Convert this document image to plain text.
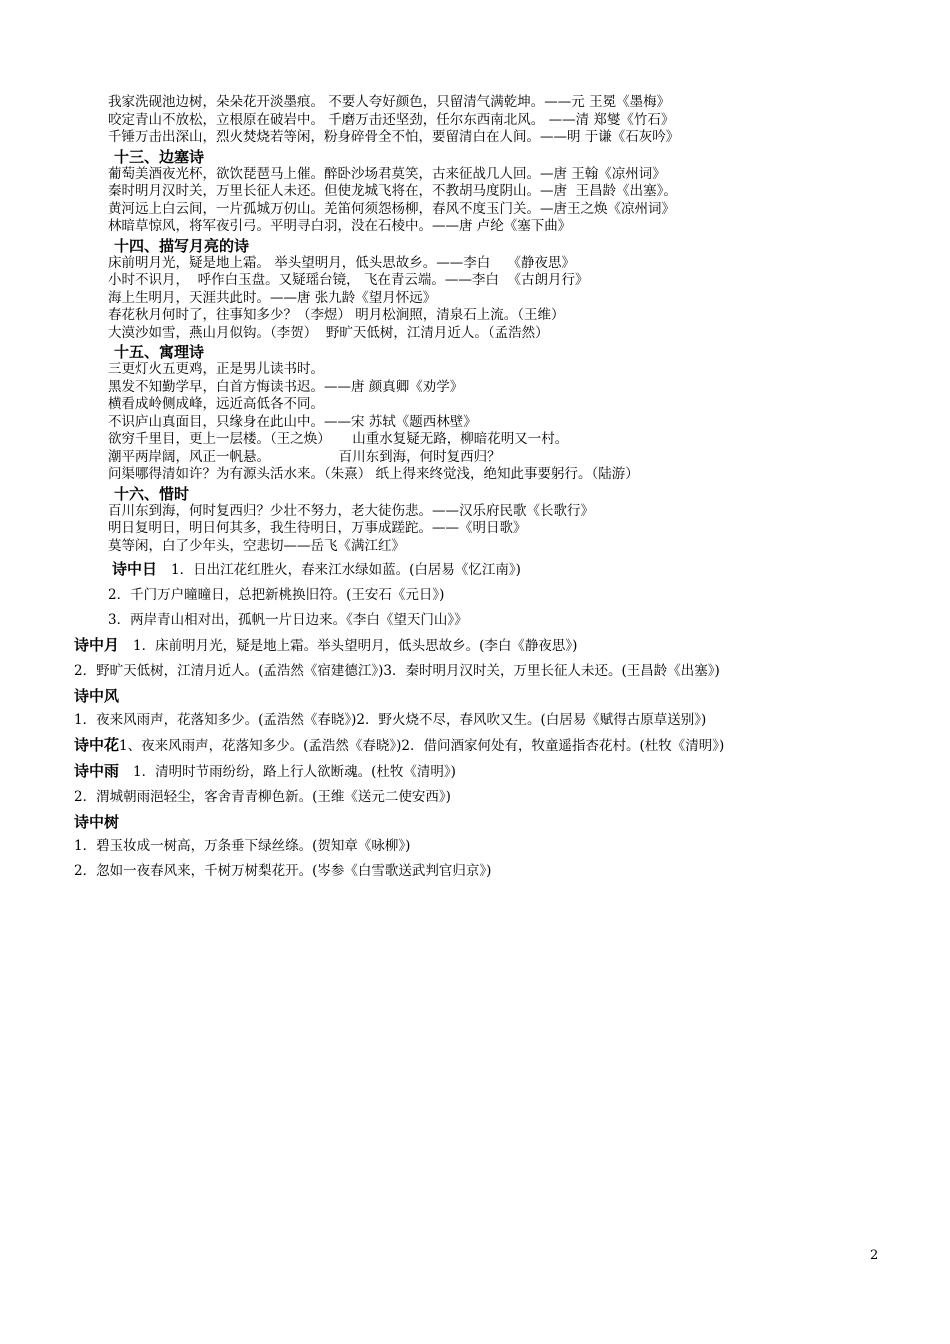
我家洗砚池边树，朵朵花开淡墨痕。 不要人夸好颜色，只留清气满乾坤。——元 王冕《墨梅》
咬定青山不放松，立根原在破岩中。 千磨万击还坚劲，任尔东西南北风。 ——清 郑燮《竹石》
千锤万击出深山，烈火焚烧若等闲，粉身碎骨全不怕，要留清白在人间。——明 于谦《石灰吟》
十三、边塞诗
葡萄美酒夜光杯，欲饮琵琶马上催。醉卧沙场君莫笑，古来征战几人回。—唐 王翰《凉州词》
秦时明月汉时关，万里长征人未还。但使龙城飞将在，不教胡马度阴山。—唐  王昌龄《出塞》。
黄河远上白云间，一片孤城万仞山。羌笛何须怨杨柳，春风不度玉门关。—唐王之焕《凉州词》
林暗草惊风，将军夜引弓。平明寻白羽，没在石棱中。——唐 卢纶《塞下曲》
十四、描写月亮的诗
床前明月光，疑是地上霜。 举头望明月，低头思故乡。——李白    《静夜思》
小时不识月，  呼作白玉盘。又疑瑶台镜， 飞在青云端。——李白  《古朗月行》
海上生明月，天涯共此时。——唐 张九龄《望月怀远》
春花秋月何时了，往事知多少？（李煜） 明月松涧照，清泉石上流。（王维）
大漠沙如雪，燕山月似钩。（李贺）  野旷天低树，江清月近人。（孟浩然）
十五、寓理诗
三更灯火五更鸡，正是男儿读书时。
黑发不知勤学早，白首方悔读书迟。——唐 颜真卿《劝学》
横看成岭侧成峰，远近高低各不同。
不识庐山真面目，只缘身在此山中。——宋 苏轼《题西林壁》
欲穷千里目，更上一层楼。（王之焕）     山重水复疑无路，柳暗花明又一村。
潮平两岸阔，风正一帆悬。                百川东到海，何时复西归？
问渠哪得清如许？为有源头活水来。（朱熹） 纸上得来终觉浅，绝知此事要躬行。（陆游）
十六、惜时
百川东到海，何时复西归？少壮不努力，老大徒伤悲。——汉乐府民歌《长歌行》
明日复明日，明日何其多，我生待明日，万事成蹉跎。——《明日歌》
莫等闲，白了少年头，空悲切——岳飞《满江红》
诗中日 1．日出江花红胜火，春来江水绿如蓝。(白居易《忆江南》)
2．千门万户曈曈日，总把新桃换旧符。(王安石《元日》)
3．两岸青山相对出，孤帆一片日边来。《李白《望天门山》》
诗中月 1．床前明月光，疑是地上霜。举头望明月，低头思故乡。(李白《静夜思》)
2．野旷天低树，江清月近人。(孟浩然《宿建德江》)3．秦时明月汉时关，万里长征人未还。(王昌龄《出塞》)
诗中风
1．夜来风雨声，花落知多少。(孟浩然《春晓》)2．野火烧不尽，春风吹又生。(白居易《赋得古原草送别》)
诗中花1、夜来风雨声，花落知多少。(孟浩然《春晓》)2．借问酒家何处有，牧童遥指杏花村。(杜牧《清明》)
诗中雨 1．清明时节雨纷纷，路上行人欲断魂。(杜牧《清明》)
2．渭城朝雨浥轻尘，客舍青青柳色新。(王维《送元二使安西》)
诗中树
1．碧玉妆成一树高，万条垂下绿丝绦。(贺知章《咏柳》)
2．忽如一夜春风来，千树万树梨花开。(岑参《白雪歌送武判官归京》)
2
